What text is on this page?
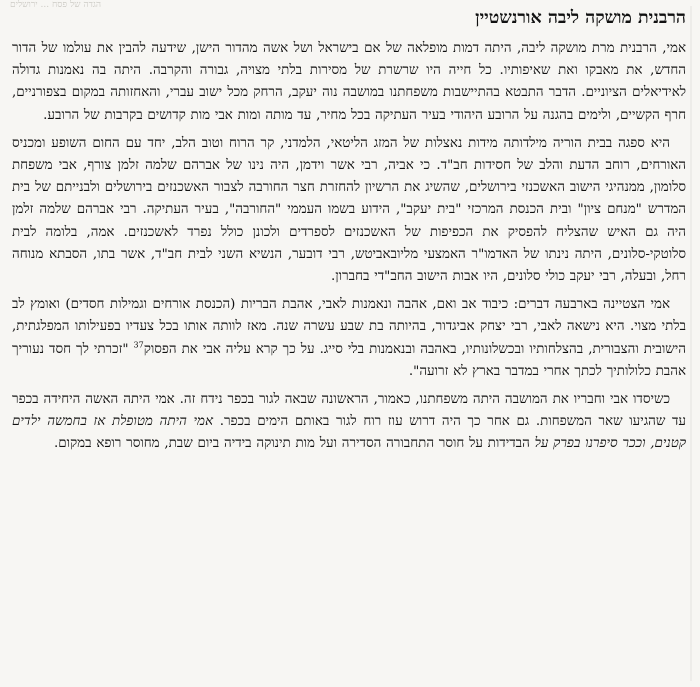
הגדה של פסח ... ירושלים
הרבנית מושקה ליבה אורנשטיין

אמי, הרבנית מרת מושקה ליבה, היתה דמות מופלאה של אם בישראל ושל אשה מהדור הישן, שידעה להבין את עולמו של הדור החדש, את מאבקו ואת שאיפותיו. כל חייה היו שרשרת של מסירות בלתי מצויה, גבורה והקרבה. היתה בה נאמנות גדולה לאידיאלים הציוניים. הדבר התבטא בהתיישבות משפחתנו במושבה נוה יעקב, הרחק מכל ישוב עברי, והאחזותה במקום בצפורניים, חרף הקשיים, ולימים בהגנה על הרובע היהודי בעיר העתיקה בכל מחיר, עד מותה ומות אבי מות קדושים בקרבות של הרובע.

היא ספגה בבית הוריה מילדותה מידות נאצלות של המזג הליטאי, הלמדני, קר הרוח וטוב הלב, יחד עם החום השופע ומכניס האורחים, רוחב הדעת והלב של חסידות חב"ד. כי אביה, רבי אשר וידמן, היה נינו של אברהם שלמה זלמן צורף, אבי משפחת סלומון, ממנהיגי הישוב האשכנזי בירושלים, שהשיג את הרשיון להחזרת חצר החורבה לצבור האשכנזים בירושלים ולבנייתם של בית המדרש "מנחם ציון" ובית הכנסת המרכזי "בית יעקב", הידוע בשמו העממי "החורבה", בעיר העתיקה. רבי אברהם שלמה זלמן היה גם האיש שהצליח להפסיק את הכפיפות של האשכנזים לספרדים ולכונן כולל נפרד לאשכנזים. אמה, בלומה לבית סלוטקי-סלונים, היתה נינתו של האדמו"ר האמצעי מליובאביטש, רבי דובער, הנשיא השני לבית חב"ד, אשר בתו, הסבתא מנוחה רחל, ובעלה, רבי יעקב כולי סלונים, היו אבות הישוב החב"די בחברון.

אמי הצטיינה בארבעה דברים: כיבוד אב ואם, אהבה ונאמנות לאבי, אהבת הבריות (הכנסת אורחים וגמילות חסדים) ואומץ לב בלתי מצוי. היא נישאה לאבי, רבי יצחק אביגדור, בהיותה בת שבע עשרה שנה. מאז לוותה אותו בכל צעדיו בפעילותו המפלגתית, הישובית והצבורית, בהצלחותיו ובכשלונותיו, באהבה ובנאמנות בלי סייג. על כך קרא עליה אבי את הפסוק$^{37}$ "זכרתי לך חסד נעוריך אהבת כלולותיך לכתך אחרי במדבר בארץ לא זרועה".

כשיסדו אבי וחבריו את המושבה היתה משפחתנו, כאמור, הראשונה שבאה לגור בכפר נידח זה. אמי היתה האשה היחידה בכפר עד שהגיעו שאר המשפחות. גם אחר כך היה דרוש עוז רוח לגור באותם הימים בכפר. אמי היתה מטופלת אז בחמשה ילדים קטנים, וככר סיפרנו בפרק על הבדידות על חוסר התחבורה הסדירה ועל מות תינוקה בידיה ביום שבת, מחוסר רופא במקום.
